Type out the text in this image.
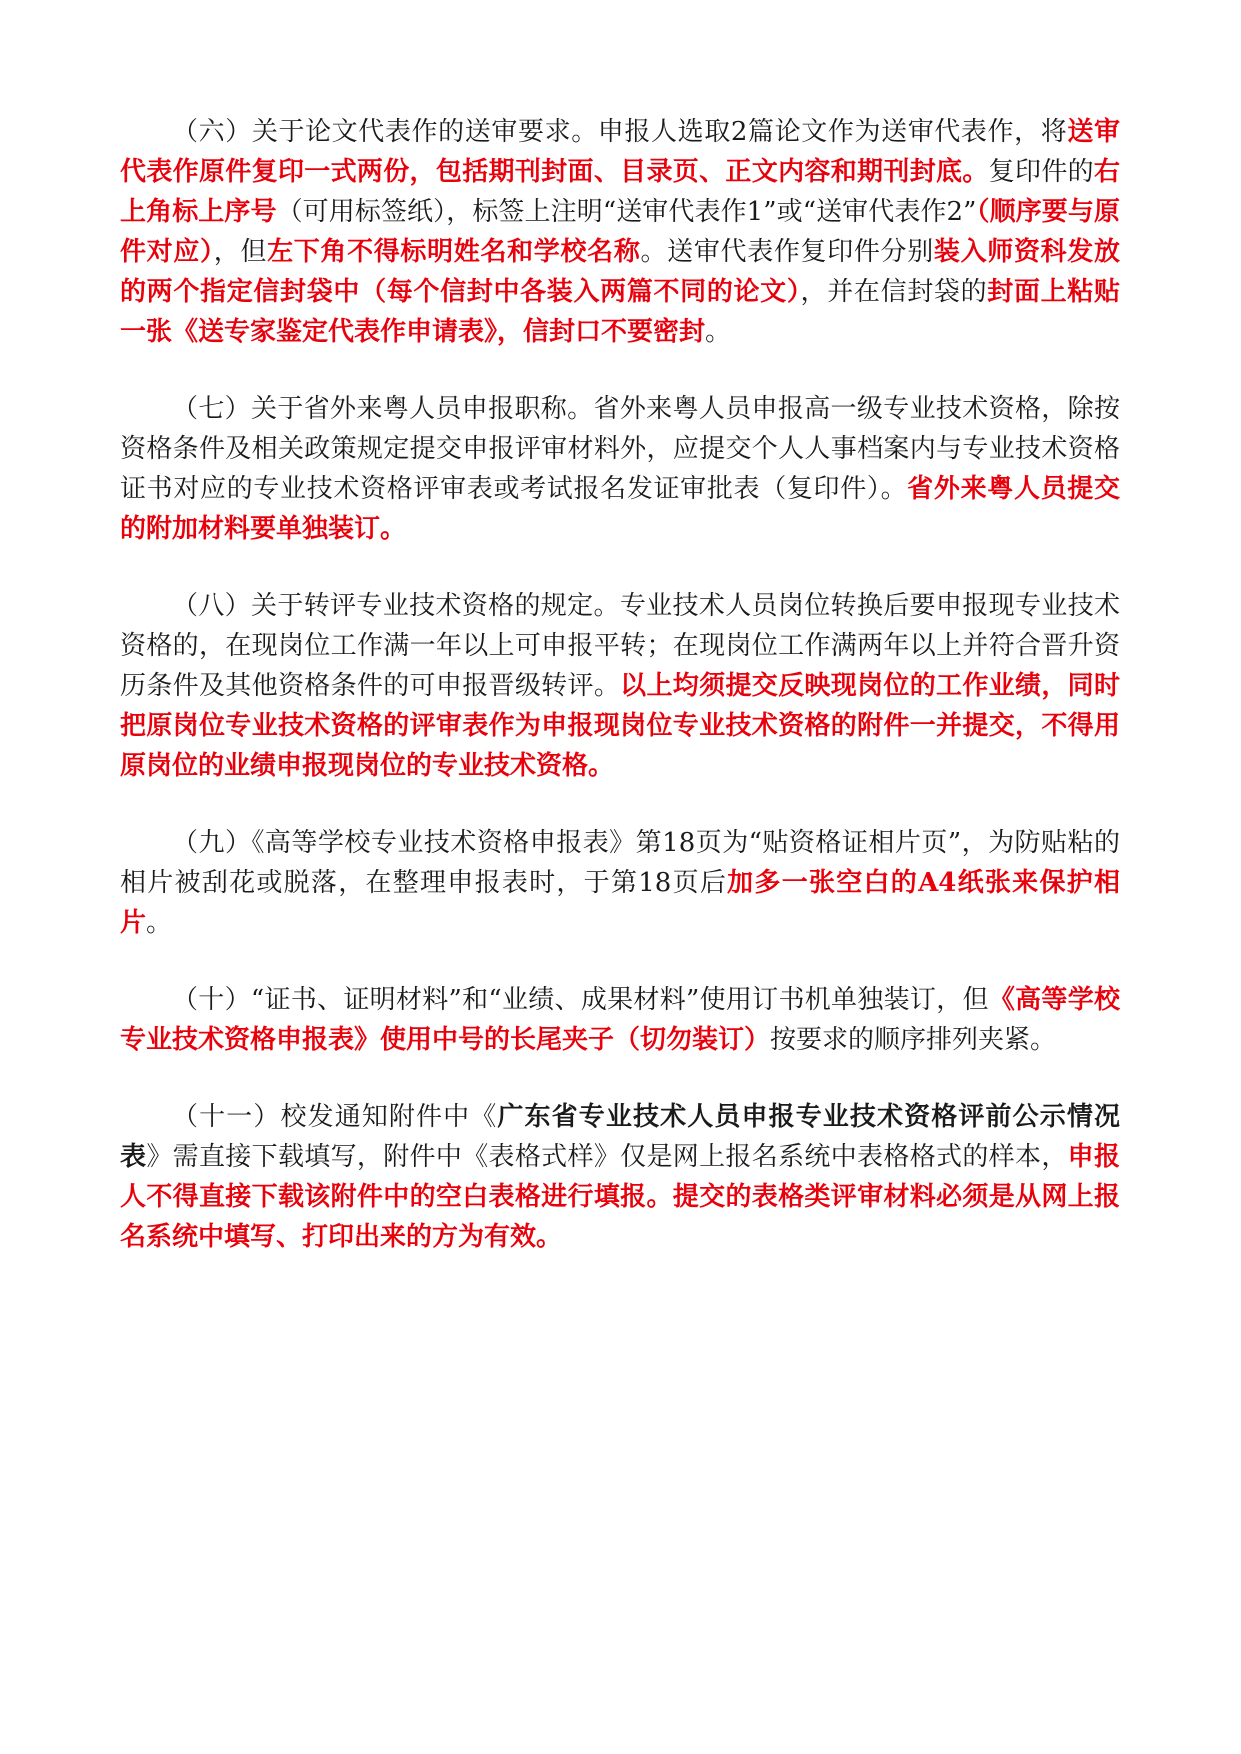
（六）关于论文代表作的送审要求。申报人选取2篇论文作为送审代表作，将送审代表作原件复印一式两份，包括期刊封面、目录页、正文内容和期刊封底。复印件的右上角标上序号（可用标签纸），标签上注明“送审代表作1”或“送审代表作2”（顺序要与原件对应），但左下角不得标明姓名和学校名称。送审代表作复印件分别装入师资科发放的两个指定信封袋中（每个信封中各装入两篇不同的论文），并在信封袋的封面上粘贴一张《送专家鉴定代表作申请表》，信封口不要密封。

（七）关于省外来粤人员申报职称。省外来粤人员申报高一级专业技术资格，除按资格条件及相关政策规定提交申报评审材料外，应提交个人人事档案内与专业技术资格证书对应的专业技术资格评审表或考试报名发证审批表（复印件）。省外来粤人员提交的附加材料要单独装订。

（八）关于转评专业技术资格的规定。专业技术人员岗位转换后要申报现专业技术资格的，在现岗位工作满一年以上可申报平转；在现岗位工作满两年以上并符合晋升资历条件及其他资格条件的可申报晋级转评。以上均须提交反映现岗位的工作业绩，同时把原岗位专业技术资格的评审表作为申报现岗位专业技术资格的附件一并提交，不得用原岗位的业绩申报现岗位的专业技术资格。

（九）《高等学校专业技术资格申报表》第18页为“贴资格证相片页”，为防贴粘的相片被刮花或脱落，在整理申报表时，于第18页后加多一张空白的A4纸张来保护相片。

（十）“证书、证明材料”和“业绩、成果材料”使用订书机单独装订，但《高等学校专业技术资格申报表》使用中号的长尾夹子（切勿装订）按要求的顺序排列夹紧。

（十一）校发通知附件中《广东省专业技术人员申报专业技术资格评前公示情况表》需直接下载填写，附件中《表格式样》仅是网上报名系统中表格格式的样本，申报人不得直接下载该附件中的空白表格进行填报。提交的表格类评审材料必须是从网上报名系统中填写、打印出来的方为有效。
